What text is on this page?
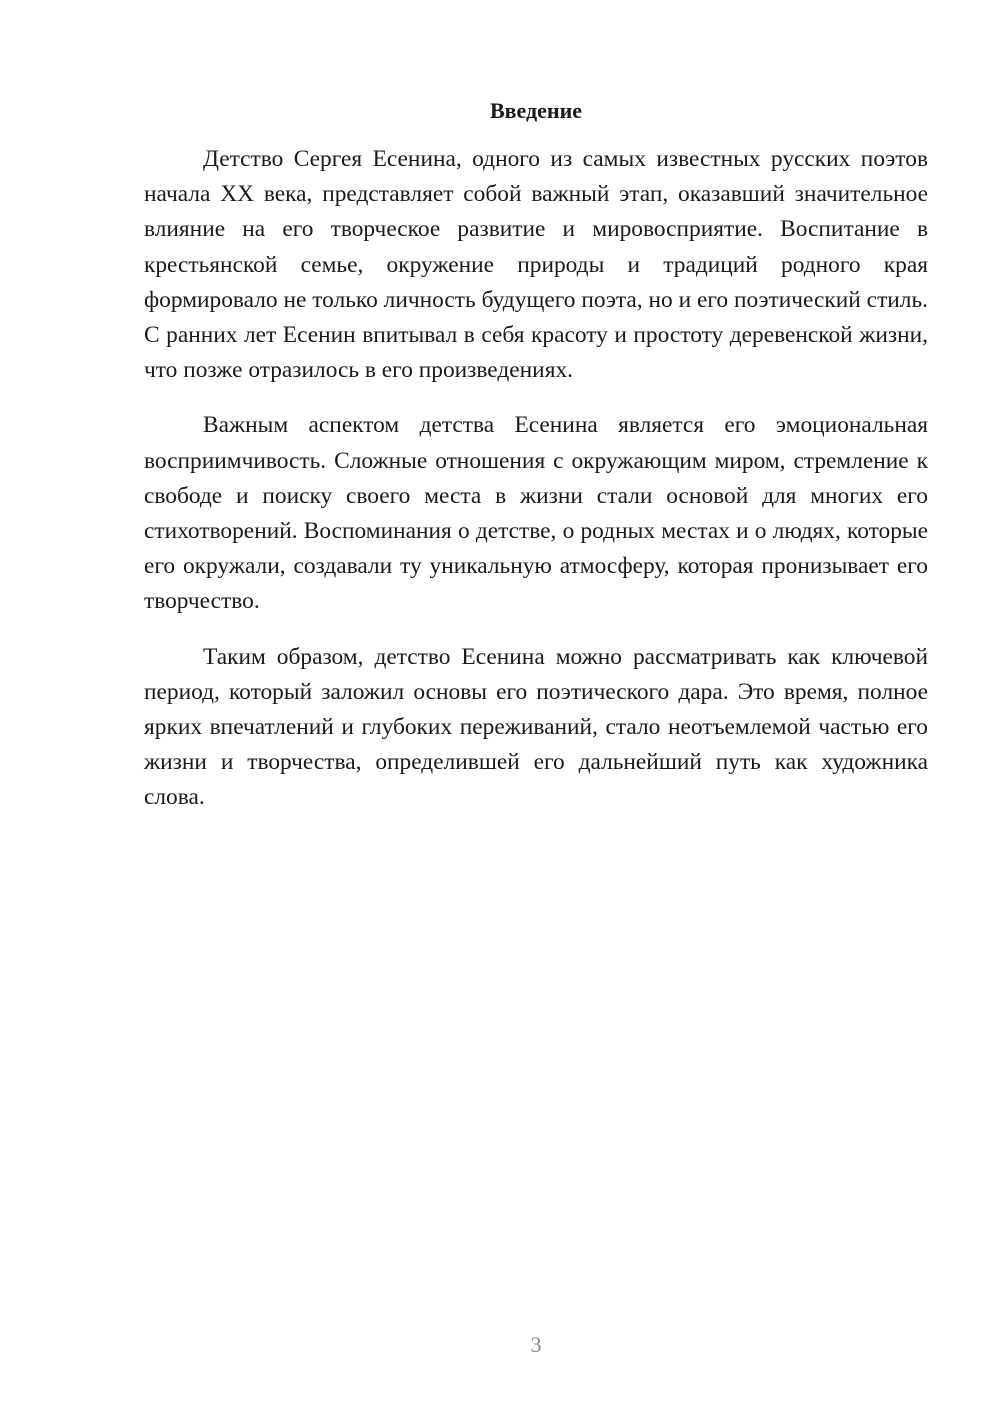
Введение

Детство Сергея Есенина, одного из самых известных русских поэтов начала XX века, представляет собой важный этап, оказавший значительное влияние на его творческое развитие и мировосприятие. Воспитание в крестьянской семье, окружение природы и традиций родного края формировало не только личность будущего поэта, но и его поэтический стиль. С ранних лет Есенин впитывал в себя красоту и простоту деревенской жизни, что позже отразилось в его произведениях.

Важным аспектом детства Есенина является его эмоциональная восприимчивость. Сложные отношения с окружающим миром, стремление к свободе и поиску своего места в жизни стали основой для многих его стихотворений. Воспоминания о детстве, о родных местах и о людях, которые его окружали, создавали ту уникальную атмосферу, которая пронизывает его творчество.

Таким образом, детство Есенина можно рассматривать как ключевой период, который заложил основы его поэтического дара. Это время, полное ярких впечатлений и глубоких переживаний, стало неотъемлемой частью его жизни и творчества, определившей его дальнейший путь как художника слова.

3
